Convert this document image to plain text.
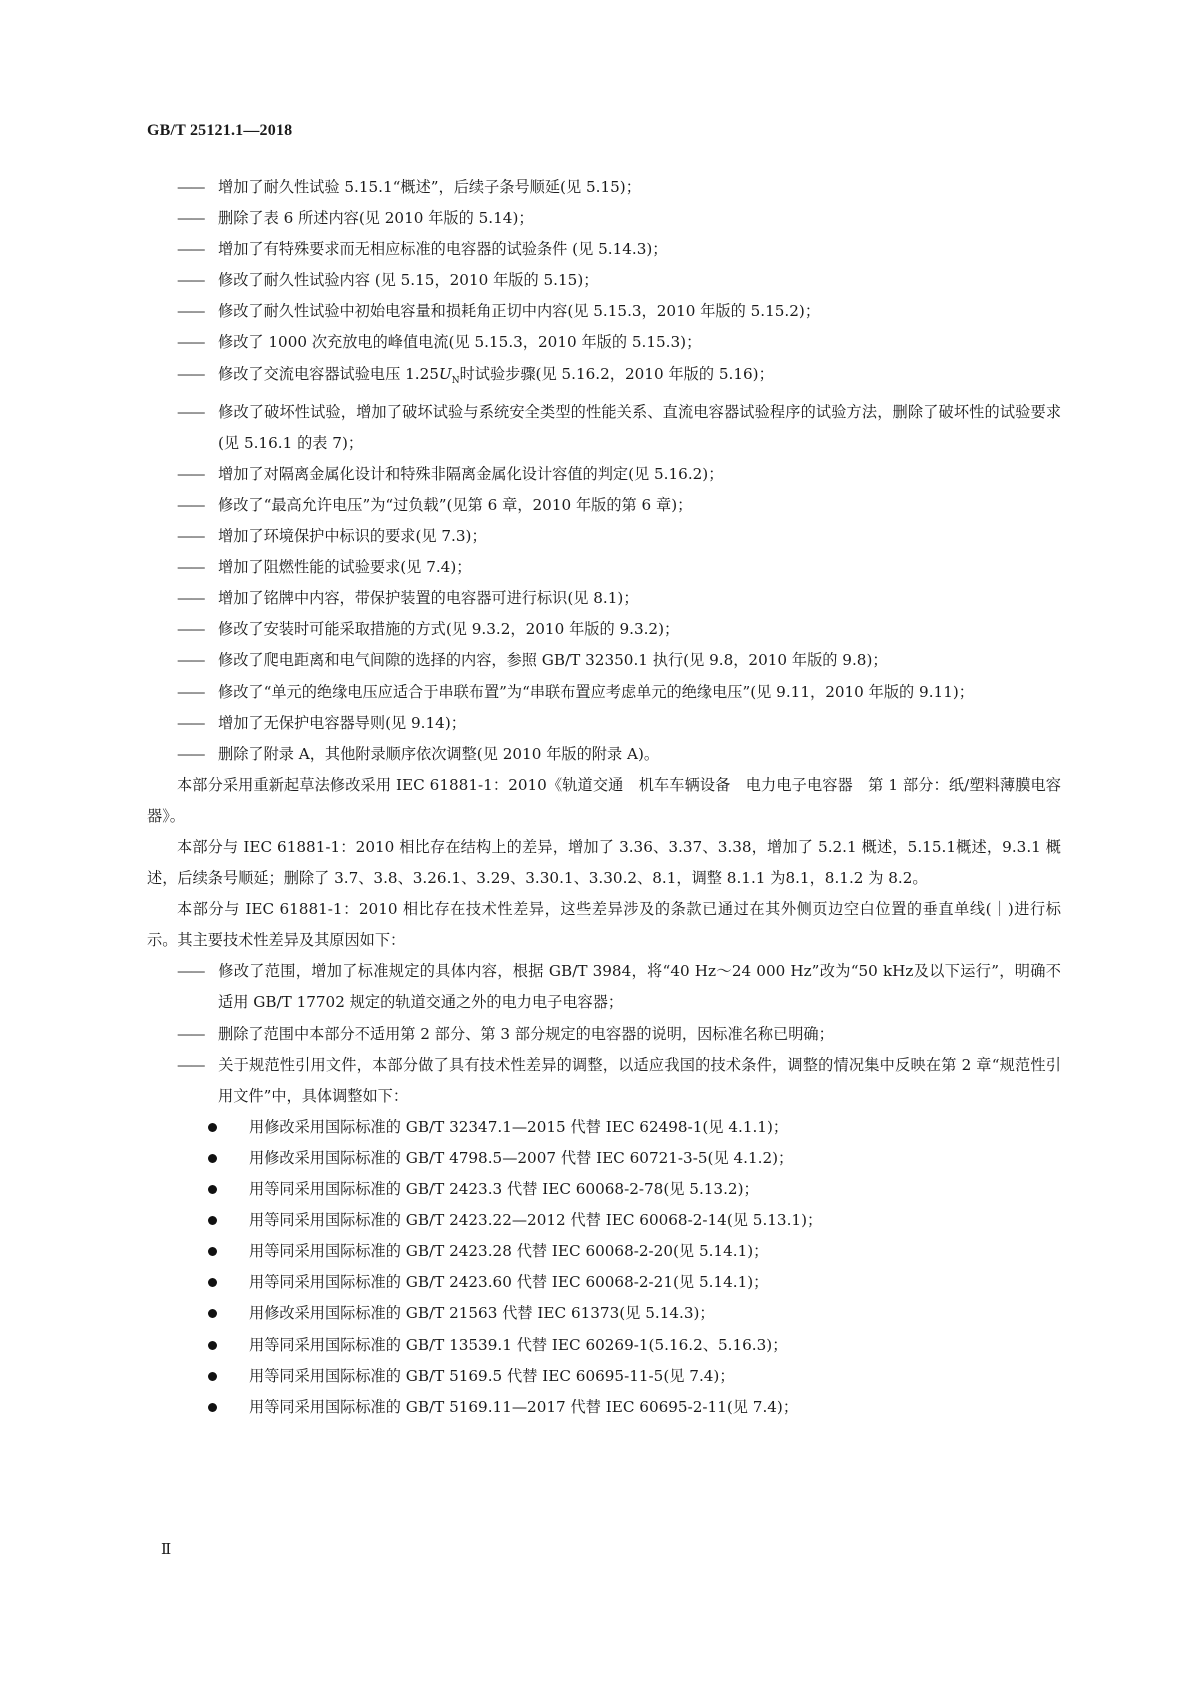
GB/T 25121.1—2018

—— 增加了耐久性试验 5.15.1“概述”，后续子条号顺延(见 5.15)；

—— 删除了表 6 所述内容(见 2010 年版的 5.14)；

—— 增加了有特殊要求而无相应标准的电容器的试验条件 (见 5.14.3)；

—— 修改了耐久性试验内容 (见 5.15，2010 年版的 5.15)；

—— 修改了耐久性试验中初始电容量和损耗角正切中内容(见 5.15.3，2010 年版的 5.15.2)；

—— 修改了 1000 次充放电的峰值电流(见 5.15.3，2010 年版的 5.15.3)；

—— 修改了交流电容器试验电压 $1.25U_N$时试验步骤(见 5.16.2，2010 年版的 5.16)；

—— 修改了破坏性试验，增加了破坏试验与系统安全类型的性能关系、直流电容器试验程序的试验方法，删除了破坏性的试验要求(见 5.16.1 的表 7)；

—— 增加了对隔离金属化设计和特殊非隔离金属化设计容值的判定(见 5.16.2)；

—— 修改了“最高允许电压”为“过负载”(见第 6 章，2010 年版的第 6 章)；

—— 增加了环境保护中标识的要求(见 7.3)；

—— 增加了阻燃性能的试验要求(见 7.4)；

—— 增加了铭牌中内容，带保护装置的电容器可进行标识(见 8.1)；

—— 修改了安装时可能采取措施的方式(见 9.3.2，2010 年版的 9.3.2)；

—— 修改了爬电距离和电气间隙的选择的内容，参照 GB/T 32350.1 执行(见 9.8，2010 年版的 9.8)；

—— 修改了“单元的绝缘电压应适合于串联布置”为“串联布置应考虑单元的绝缘电压”(见 9.11，2010 年版的 9.11)；

—— 增加了无保护电容器导则(见 9.14)；

—— 删除了附录 A，其他附录顺序依次调整(见 2010 年版的附录 A)。

本部分采用重新起草法修改采用 IEC 61881-1：2010《轨道交通　机车车辆设备　电力电子电容器　第 1 部分：纸/塑料薄膜电容器》。

本部分与 IEC 61881-1：2010 相比存在结构上的差异，增加了 3.36、3.37、3.38，增加了 5.2.1 概述，5.15.1概述，9.3.1 概述，后续条号顺延；删除了 3.7、3.8、3.26.1、3.29、3.30.1、3.30.2、8.1，调整 8.1.1 为8.1，8.1.2 为 8.2。

本部分与 IEC 61881-1：2010 相比存在技术性差异，这些差异涉及的条款已通过在其外侧页边空白位置的垂直单线(｜)进行标示。其主要技术性差异及其原因如下：

—— 修改了范围，增加了标准规定的具体内容，根据 GB/T 3984，将“40 Hz～24 000 Hz”改为“50 kHz及以下运行”，明确不适用 GB/T 17702 规定的轨道交通之外的电力电子电容器；

—— 删除了范围中本部分不适用第 2 部分、第 3 部分规定的电容器的说明，因标准名称已明确；

—— 关于规范性引用文件，本部分做了具有技术性差异的调整，以适应我国的技术条件，调整的情况集中反映在第 2 章“规范性引用文件”中，具体调整如下：

用修改采用国际标准的 GB/T 32347.1—2015 代替 IEC 62498-1(见 4.1.1)；

用修改采用国际标准的 GB/T 4798.5—2007 代替 IEC 60721-3-5(见 4.1.2)；

用等同采用国际标准的 GB/T 2423.3 代替 IEC 60068-2-78(见 5.13.2)；

用等同采用国际标准的 GB/T 2423.22—2012 代替 IEC 60068-2-14(见 5.13.1)；

用等同采用国际标准的 GB/T 2423.28 代替 IEC 60068-2-20(见 5.14.1)；

用等同采用国际标准的 GB/T 2423.60 代替 IEC 60068-2-21(见 5.14.1)；

用修改采用国际标准的 GB/T 21563 代替 IEC 61373(见 5.14.3)；

用等同采用国际标准的 GB/T 13539.1 代替 IEC 60269-1(5.16.2、5.16.3)；

用等同采用国际标准的 GB/T 5169.5 代替 IEC 60695-11-5(见 7.4)；

用等同采用国际标准的 GB/T 5169.11—2017 代替 IEC 60695-2-11(见 7.4)；

Ⅱ
